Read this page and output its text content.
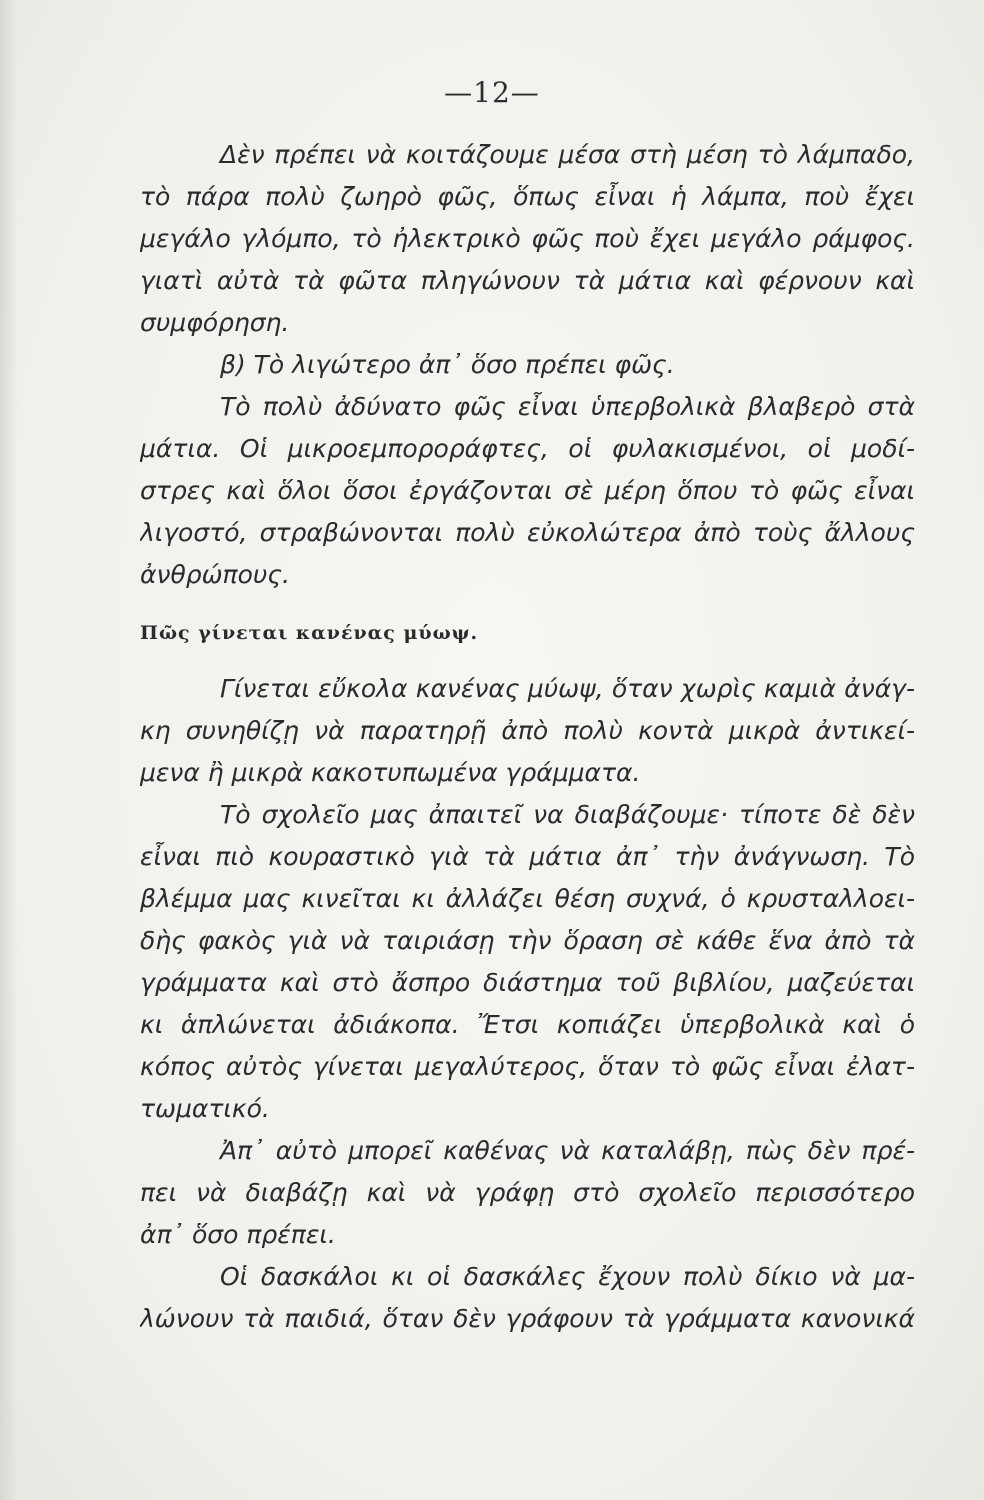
—12—
Δὲν πρέπει νὰ κοιτάζουμε μέσα στὴ μέση τὸ λάμπαδο,
τὸ πάρα πολὺ ζωηρὸ φῶς, ὅπως εἶναι ἡ λάμπα, ποὺ ἔχει
μεγάλο γλόμπο, τὸ ἠλεκτρικὸ φῶς ποὺ ἔχει μεγάλο ράμφος.
γιατὶ αὐτὰ τὰ φῶτα πληγώνουν τὰ μάτια καὶ φέρνουν καὶ
συμφόρηση.
β) Τὸ λιγώτερο ἀπ᾽ ὅσο πρέπει φῶς.
Τὸ πολὺ ἀδύνατο φῶς εἶναι ὑπερβολικὰ βλαβερὸ στὰ
μάτια. Οἱ μικροεμποροράφτες, οἱ φυλακισμένοι, οἱ μοδί-
στρες καὶ ὅλοι ὅσοι ἐργάζονται σὲ μέρη ὅπου τὸ φῶς εἶναι
λιγοστό, στραβώνονται πολὺ εὐκολώτερα ἀπὸ τοὺς ἄλλους
ἀνθρώπους.
Πῶς γίνεται κανένας μύωψ.
Γίνεται εὔκολα κανένας μύωψ, ὅταν χωρὶς καμιὰ ἀνάγ-
κη συνηθίζῃ νὰ παρατηρῇ ἀπὸ πολὺ κοντὰ μικρὰ ἀντικεί-
μενα ἢ μικρὰ κακοτυπωμένα γράμματα.
Τὸ σχολεῖο μας ἀπαιτεῖ να διαβάζουμε· τίποτε δὲ δὲν
εἶναι πιὸ κουραστικὸ γιὰ τὰ μάτια ἀπ᾽ τὴν ἀνάγνωση. Τὸ
βλέμμα μας κινεῖται κι ἀλλάζει θέση συχνά, ὁ κρυσταλλοει-
δὴς φακὸς γιὰ νὰ ταιριάσῃ τὴν ὅραση σὲ κάθε ἕνα ἀπὸ τὰ
γράμματα καὶ στὸ ἄσπρο διάστημα τοῦ βιβλίου, μαζεύεται
κι ἁπλώνεται ἀδιάκοπα. Ἔτσι κοπιάζει ὑπερβολικὰ καὶ ὁ
κόπος αὐτὸς γίνεται μεγαλύτερος, ὅταν τὸ φῶς εἶναι ἐλατ-
τωματικό.
Ἀπ᾽ αὐτὸ μπορεῖ καθένας νὰ καταλάβῃ, πὼς δὲν πρέ-
πει νὰ διαβάζῃ καὶ νὰ γράφῃ στὸ σχολεῖο περισσότερο
ἀπ᾽ ὅσο πρέπει.
Οἱ δασκάλοι κι οἱ δασκάλες ἔχουν πολὺ δίκιο νὰ μα-
λώνουν τὰ παιδιά, ὅταν δὲν γράφουν τὰ γράμματα κανονικά
